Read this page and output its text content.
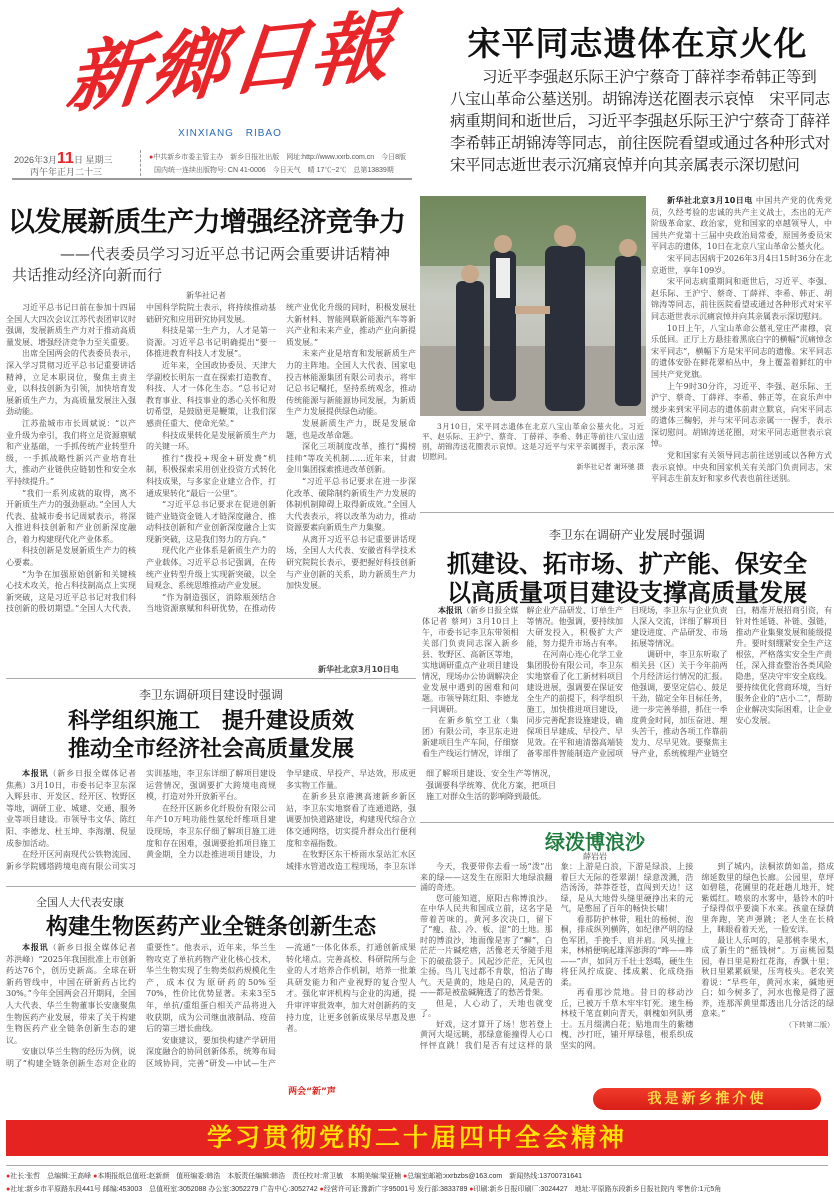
新鄉日報
XINXIANG RIBAO
2026年3月11日 星期三
丙午年正月二十三
●中共新乡市委主管主办　新乡日报社出版　网址:http://www.xxrb.com.cn　今日8版
国内统一连续出版物号: CN 41-0006　今日天气　晴 17℃~2℃　总第13839期
宋平同志遗体在京火化
习近平李强赵乐际王沪宁蔡奇丁薛祥李希韩正等到八宝山革命公墓送别。胡锦涛送花圈表示哀悼　宋平同志病重期间和逝世后，习近平李强赵乐际王沪宁蔡奇丁薛祥李希韩正胡锦涛等同志，前往医院看望或通过各种形式对宋平同志逝世表示沉痛哀悼并向其亲属表示深切慰问
3月10日，宋平同志遗体在北京八宝山革命公墓火化。习近平、赵乐际、王沪宁、蔡奇、丁薛祥、李希、韩正等前往八宝山送别，胡锦涛送花圈表示哀悼。这是习近平与宋平亲属握手，表示深切慰问。
新华社记者 谢环驰 摄

新华社北京3月10日电 中国共产党的优秀党员，久经考验的忠诚的共产主义战士，杰出的无产阶级革命家、政治家，党和国家的卓越领导人，中国共产党第十三届中央政治局常委，原国务委员宋平同志的遗体，10日在北京八宝山革命公墓火化。

宋平同志因病于2026年3月4日15时36分在北京逝世，享年109岁。

宋平同志病重期间和逝世后，习近平、李强、赵乐际、王沪宁、蔡奇、丁薛祥、李希、韩正、胡锦涛等同志，前往医院看望或通过各种形式对宋平同志逝世表示沉痛哀悼并向其亲属表示深切慰问。

10日上午，八宝山革命公墓礼堂庄严肃穆，哀乐低回。正厅上方悬挂着黑底白字的横幅“沉痛悼念宋平同志”，横幅下方是宋平同志的遗像。宋平同志的遗体安卧在鲜花翠柏丛中，身上覆盖着鲜红的中国共产党党旗。

上午9时30分许，习近平、李强、赵乐际、王沪宁、蔡奇、丁薛祥、李希、韩正等，在哀乐声中缓步来到宋平同志的遗体前肃立默哀，向宋平同志的遗体三鞠躬，并与宋平同志亲属一一握手，表示深切慰问。胡锦涛送花圈，对宋平同志逝世表示哀悼。

党和国家有关领导同志前往送别或以各种方式表示哀悼。中央和国家机关有关部门负责同志，宋平同志生前友好和家乡代表也前往送别。

以发展新质生产力增强经济竞争力
——代表委员学习习近平总书记两会重要讲话精神
共话推动经济向新而行
新华社记者

习近平总书记日前在参加十四届全国人大四次会议江苏代表团审议时强调，发展新质生产力对于推动高质量发展、增强经济竞争力至关重要。

出席全国两会的代表委员表示，深入学习贯彻习近平总书记重要讲话精神，立足本职岗位，聚焦主责主业，以科技创新为引领，加快培育发展新质生产力，为高质量发展注入强劲动能。

江苏盐城市市长周斌说：“以产业升级为牵引，我们将立足资源禀赋和产业基础，一手抓传统产业转型升级，一手抓战略性新兴产业培育壮大，推动产业链供应链韧性和安全水平持续提升。”

“我们一系列成就的取得，离不开新质生产力的强劲驱动。”全国人大代表、盐城市委书记周斌表示，将深入推进科技创新和产业创新深度融合，着力构建现代化产业体系。

科技创新是发展新质生产力的核心要素。

“为争在加强原始创新和关键核心技术攻关，抢占科技制高点上实现新突破，这是习近平总书记对我们科技创新的殷切期望。”全国人大代表、中国科学院院士表示，将持续推动基础研究和应用研究协同发展。

科技是第一生产力，人才是第一资源。习近平总书记明确提出“要一体推进教育科技人才发展”。

近年来，全国政协委员、天津大学副校长明东一直在探索打造教育、科技、人才一体化生态。“总书记对教育事业、科技事业的悉心关怀和殷切希望，是鼓励更是鞭策，让我们深感责任重大、使命光荣。”

科技成果转化是发展新质生产力的关键一环。

推行“拨投+现金+研发费”机制，积极探索采用创业投资方式转化科技成果，与多家企业建立合作，打通成果转化“最后一公里”。

“习近平总书记要求在促进创新链产业链资金链人才链深度融合、推动科技创新和产业创新深度融合上实现新突破，这是我们努力的方向。”

现代化产业体系是新质生产力的产业载体。习近平总书记强调，在传统产业转型升级上实现新突破，以全局观念、系统思维推动产业发展。

“作为制造强区，消除瓶颈结合当地资源禀赋和科研优势，在推动传统产业优化升级的同时，积极发展壮大新材料、智能网联新能源汽车等新兴产业和未来产业，推动产业向新提质发展。”

未来产业是培育和发展新质生产力的主阵地。全国人大代表、国家电投吉林能源集团有限公司表示，将牢记总书记嘱托，坚持系统观念，推动传统能源与新能源协同发展，为新质生产力发展提供绿色动能。

发展新质生产力，既是发展命题，也是改革命题。

深化三项制度改革，推行“揭榜挂帅”等攻关机制……近年来，甘肃金川集团探索推进改革创新。

“习近平总书记要求在进一步深化改革、破除制约新质生产力发展的体制机制障碍上取得新成效。”全国人大代表表示，将以改革为动力，推动资源要素向新质生产力集聚。

从离开习近平总书记重要讲话现场，全国人大代表、安徽省科学技术研究院院长表示，要把握好科技创新与产业创新的关系，助力新质生产力加快发展。

新华社北京3月10日电
李卫东在调研产业发展时强调
抓建设、拓市场、扩产能、保安全
以高质量项目建设支撑高质量发展

本报讯（新乡日报全媒体记者 蔡珂）3月10日上午，市委书记李卫东带领相关部门负责同志深入新乡县、牧野区、高新区等地，实地调研重点产业项目建设情况，现场办公协调解决企业发展中遇到的困难和问题。市领导陈红阳、李德龙一同调研。

在新乡航空工业（集团）有限公司，李卫东走进新建项目生产车间，仔细察看生产线运行情况，详细了解企业产品研发、订单生产等情况。他强调，要持续加大研发投入，积极扩大产能，努力提升市场占有率。

在河南心连心化学工业集团股份有限公司，李卫东实地察看了化工新材料项目建设进展，强调要在保证安全生产的前提下，科学组织施工，加快推进项目建设，同步完善配套设施建设，确保项目早建成、早投产、早见效。在平和迪清器高端装备零部件智能制造产业园项目现场，李卫东与企业负责人深入交流，详细了解项目建设进度、产品研发、市场拓展等情况。

调研中，李卫东听取了相关县（区）关于今年前两个月经济运行情况的汇报。他强调，要坚定信心、鼓足干劲，锚定全年目标任务，进一步完善举措，抓住一季度黄金时间，加压奋进、埋头苦干，推动各项工作靠前发力、尽早见效。要聚焦主导产业，系统梳理产业链空白，精准开展招商引资，有针对性延链、补链、强链，推动产业集聚发展和能级提升。要时刻绷紧安全生产这根弦，严格落实安全生产责任，深入排查整治各类风险隐患，坚决守牢安全底线。要持续优化营商环境，当好服务企业的“店小二”，帮助企业解决实际困难，让企业安心发展。

李卫东调研项目建设时强调
科学组织施工　提升建设质效
推动全市经济社会高质量发展

本报讯（新乡日报全媒体记者 焦燕）3月10日，市委书记李卫东深入辉县市、开发区、经开区、牧野区等地，调研工业、城建、交通、服务业等项目建设。市领导韦文华、陈红阳、李德龙、杜玉坤、李海潮、倪显成参加活动。

在经开区河南现代公铁物流园、新乡学院娜塔跨境电商有限公司实习实训基地，李卫东详细了解项目建设运营情况，强调要扩大跨境电商规模，打造对外开放新平台。

在经开区新乡化纤股份有限公司年产10万吨功能性氨纶纤维项目建设现场，李卫东仔细了解项目施工进度和存在困难，强调要抢抓项目施工黄金期，全力以赴推进项目建设，力争早建成、早投产、早达效，形成更多实物工作量。

在新乡县京港澳高速新乡新区站，李卫东实地察看了连通道路，强调要加快道路建设，构建现代综合立体交通网络，切实提升群众出行便利度和幸福指数。

在牧野区东干桥雨水泵站汇水区域排水管道改造工程现场，李卫东详细了解项目建设、安全生产等情况，强调要科学统筹、优化方案，把项目施工对群众生活的影响降到最低。

全国人大代表安康
构建生物医药产业全链条创新生态

本报讯（新乡日报全媒体记者 苏洪峰）“2025年我国批准上市创新药达76个，创历史新高。全球在研新药管线中，中国在研新药占比约30%。”今年全国两会召开期间，全国人大代表、华兰生物董事长安康聚焦生物医药产业发展，带来了关于构建生物医药产业全链条创新生态的建议。

安康以华兰生物的经历为例，说明了“构建全链条创新生态对企业的重要性”。他表示，近年来，华兰生物攻克了单抗药物产业化核心技术，华兰生物实现了生物类似药规模化生产，成本仅为原研药的50%至70%，性价比优势显著。未来3至5年，单抗/重组蛋白相关产品将进入收获期，成为公司继血液制品、疫苗后的第三增长曲线。

安康建议，要加快构建产学研用深度融合的协同创新体系，统筹布局区域协同，完善“研发—中试—生产—流通”一体化体系，打通创新成果转化堵点。完善高校、科研院所与企业的人才培养合作机制，培养一批兼具研发能力和产业视野的复合型人才。强化审评机构与企业的沟通，提升审评审批效率，加大对创新药的支持力度，让更多创新成果尽早惠及患者。

两会“新”声
绿泼博浪沙
薛岩岩

今天，我要带你去看一场“泼”出来的绿——这发生在原阳大地绿浪翻涌的奇迹。

您可能知道，原阳古称博浪沙。在中华人民共和国成立前，这名字是带着苦味的。黄河多次决口，留下了“瘦、盐、冷、板、涩”的土地。那时的博浪沙，地面像是害了“癣”，白茫茫一片碱疙瘩，活像老天爷随手甩下的破盐袋子。风起沙茫茫，无风也尘扬。鸟儿飞过都不肯歇，怕沾了晦气。天是黄的，地是白的，风是苦的——都是被盐碱腌透了的愁苦骨架。

但是，人心动了，天地也就变了。

好戏，这才算开了场！您若登上黄河大堤远眺，那绿意能撞得人心口怦怦直跳！我们是否有过这样的景象：上游是白浪，下游是绿浪，上接着巨大无际的苍翠湖！绿意泼溅，浩浩汤汤，莽莽苍苍，直闯到天边！这绿，是从大地骨头缝里硬挣出来的元气，是憋屈了百年的畅快长啸！

看那防护林带，粗壮的杨树、泡桐，排成纵列横阵，如纪律严明的绿色军团，手挽手、肩并肩。风头撞上来，林梢便响起雄浑澎湃的“哗——哗——”声，如同万千壮士怒喝，硬生生将狂风拧成旋、揉成絮、化成绕指柔。

再看那沙荒地。昔日的移动沙丘，已被万千草木牢牢钉死。速生杨林枝干笔直刺向青天，刺槐如列队勇士。五月缀满白花；贴地而生的紫穗槐、沙打旺，铺开厚绿毯，根系织成坚实的网。

到了城内，法桐浓荫如盖，搭成绵延数里的绿色长廊。公园里，草坪如碧毯，花圃里的花赶趟儿地开，姹紫嫣红。喷泉的水雾中，悬铃木的叶子绿得似乎要滴下水来。孩童在绿荫里奔跑，笑声弹跳；老人坐在长椅上，眯眼看着天光，一脸安详。

最让人乐呵的，是那桃李果木，成了新生的“摇钱树”。万亩桃园梨园，春日里是粉红花海，香飘十里；秋日里累累硕果，压弯枝头。老农笑着说：“早些年，黄河水来，碱地更白；如今树多了，河水也像是得了滋养，连那浑黄里都透出几分活泛的绿意来。”

（下转第二版）

我是新乡推介使
学习贯彻党的二十届四中全会精神
●社长:张哲　总编辑:王高峰 ●本期报纸总值班:赵新颜　值班编委:韩浩　本版责任编辑:韩浩　责任校对:常卫敏　本期美编:梁亚楠 ●总编室邮箱:xxrbzbs@163.com　新闻热线:13700731641
●社址:新乡市平原路东段441号 邮编:453003　总值班室:3052088 办公室:3052279 广告中心:3052742 ●经营许可证:豫新广字95001号 发行部:3833789 ●印刷:新乡日报印刷厂:3024427　地址:平原路东段新乡日报社院内 零售价:1元5角
